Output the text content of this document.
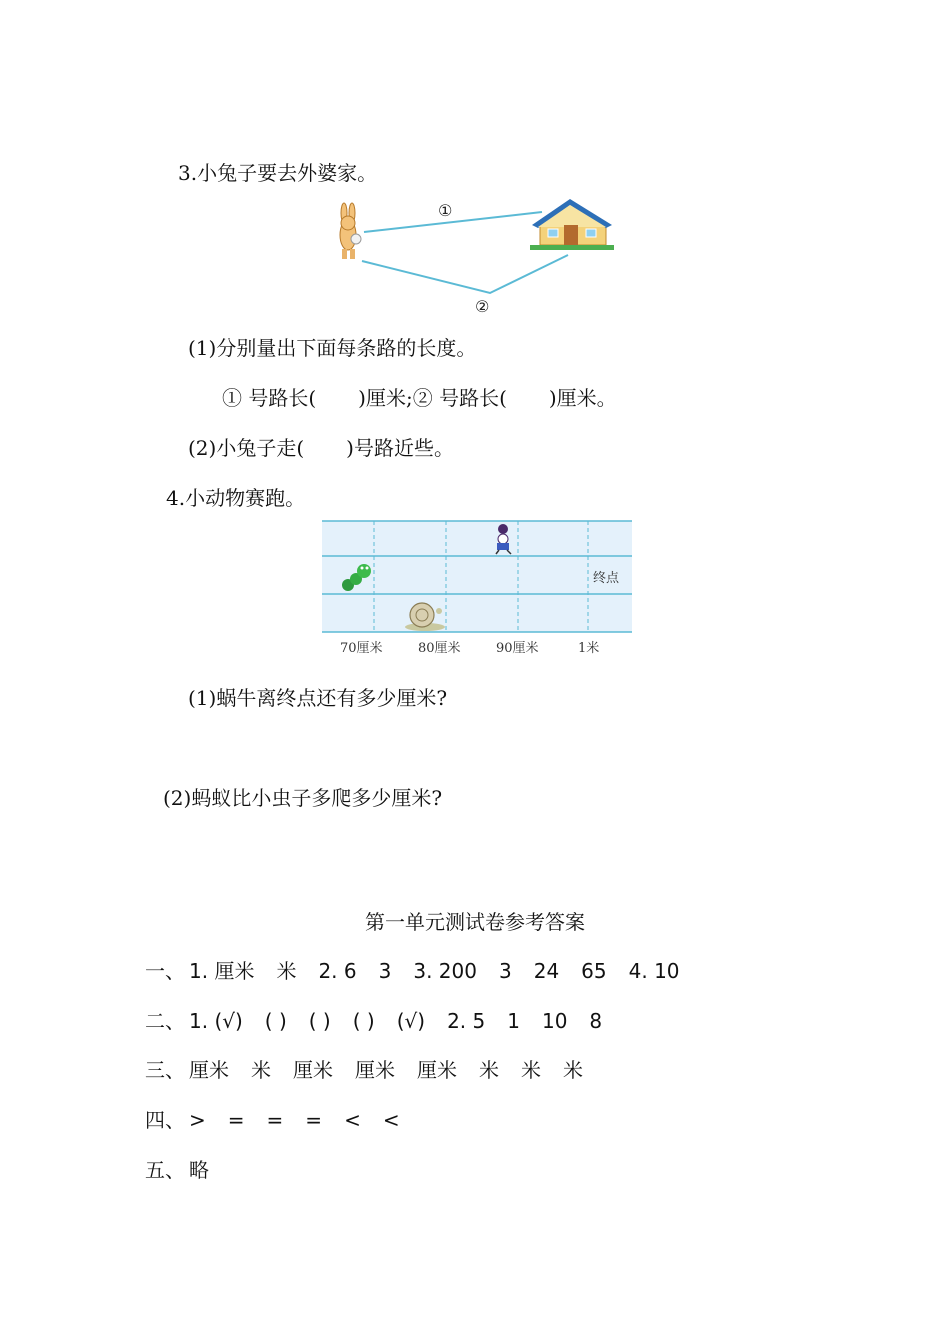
3.小兔子要去外婆家。
①
②
(1)分别量出下面每条路的长度。
① 号路长( )厘米;② 号路长( )厘米。
(2)小兔子走( )号路近些。
4.小动物赛跑。
70厘米	80厘米	90厘米	1米
终点
(1)蜗牛离终点还有多少厘米?
(2)蚂蚁比小虫子多爬多少厘米?
第一单元测试卷参考答案
一、 1. 厘米 米 2. 6 3 3. 200 3 24 65 4. 10
二、 1. (√) ( ) ( ) ( ) (√) 2. 5 1 10 8
三、 厘米 米 厘米 厘米 厘米 米 米 米
四、 > = = = < <
五、 略
